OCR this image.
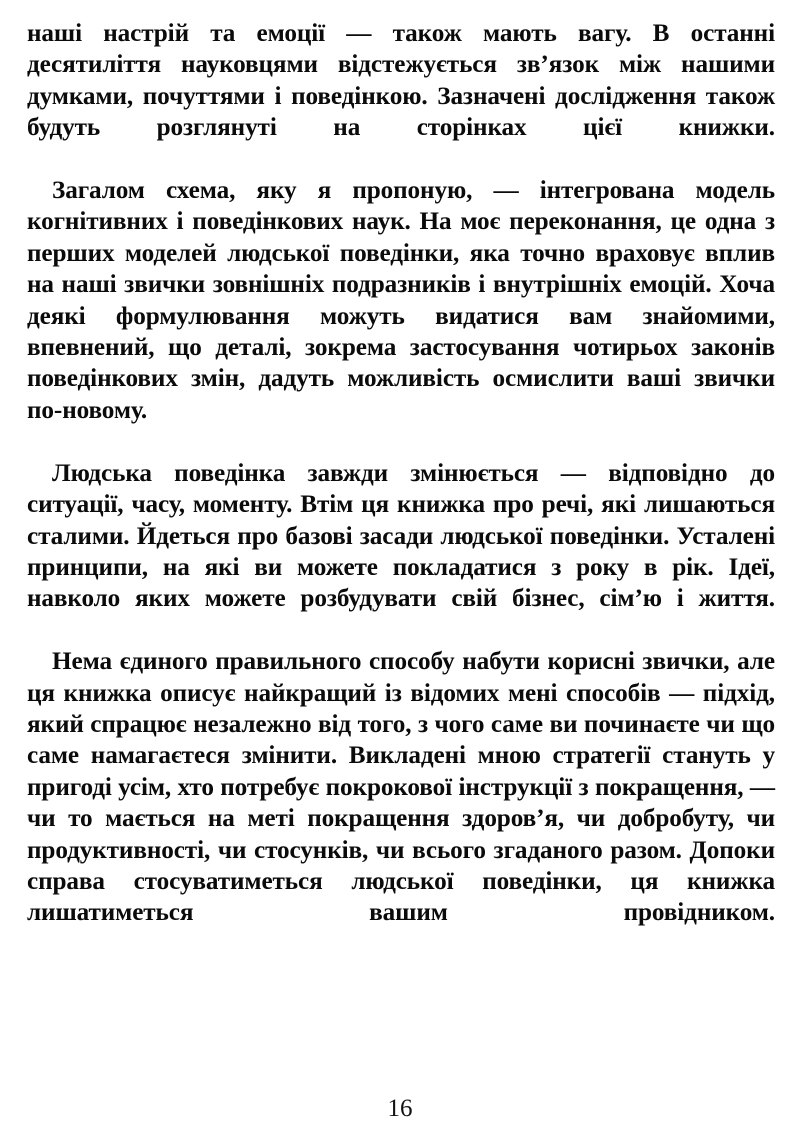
наші настрій та емоції — також мають вагу. В останні десятиліття науковцями відстежується зв’язок між нашими думками, почуттями і поведінкою. Зазначені дослідження також будуть розглянуті на сторінках цієї книжки.

Загалом схема, яку я пропоную, — інтегрована модель когнітивних і поведінкових наук. На моє переконання, це одна з перших моделей людської поведінки, яка точно враховує вплив на наші звички зовнішніх подразників і внутрішніх емоцій. Хоча деякі формулювання можуть видатися вам знайомими, впевнений, що деталі, зокрема застосування чотирьох законів поведінкових змін, дадуть можливість осмислити ваші звички по-новому.

Людська поведінка завжди змінюється — відповідно до ситуації, часу, моменту. Втім ця книжка про речі, які лишаються сталими. Йдеться про базові засади людської поведінки. Усталені принципи, на які ви можете покладатися з року в рік. Ідеї, навколо яких можете розбудувати свій бізнес, сім’ю і життя.

Нема єдиного правильного способу набути корисні звички, але ця книжка описує найкращий із відомих мені способів — підхід, який спрацює незалежно від того, з чого саме ви починаєте чи що саме намагаєтеся змінити. Викладені мною стратегії стануть у пригоді усім, хто потребує покрокової інструкції з покращення, — чи то мається на меті покращення здоров’я, чи добробуту, чи продуктивності, чи стосунків, чи всього згаданого разом. Допоки справа стосуватиметься людської поведінки, ця книжка лишатиметься вашим провідником.

16
